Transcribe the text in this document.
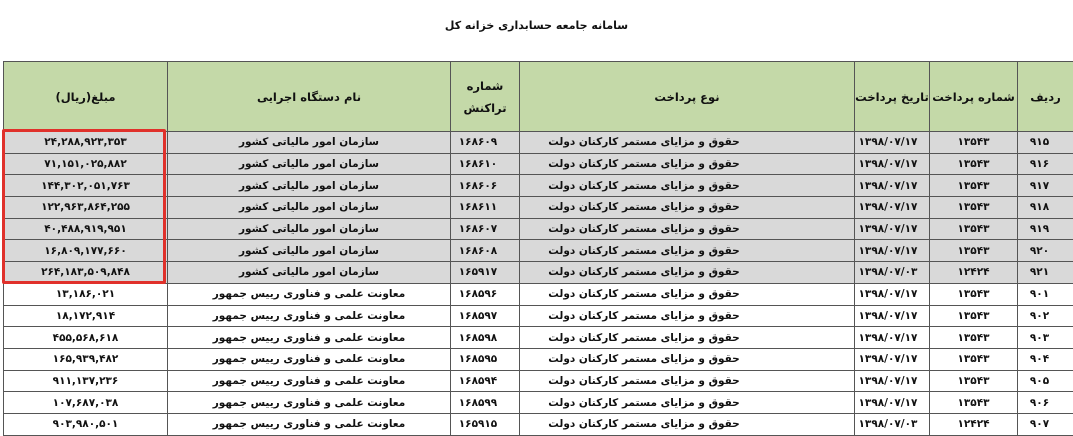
سامانه جامعه حسابداری خزانه کل
مبلغ(ریال)	نام دستگاه اجرایی	شماره تراکنش	نوع پرداخت	تاریخ پرداخت	شماره پرداخت	ردیف
۲۴,۲۸۸,۹۲۳,۳۵۳	سازمان امور مالیاتی کشور	۱۶۸۶۰۹	حقوق و مزایای مستمر کارکنان دولت	۱۳۹۸/۰۷/۱۷	۱۳۵۴۳	۹۱۵
۷۱,۱۵۱,۰۲۵,۸۸۲	سازمان امور مالیاتی کشور	۱۶۸۶۱۰	حقوق و مزایای مستمر کارکنان دولت	۱۳۹۸/۰۷/۱۷	۱۳۵۴۳	۹۱۶
۱۴۴,۳۰۲,۰۵۱,۷۶۳	سازمان امور مالیاتی کشور	۱۶۸۶۰۶	حقوق و مزایای مستمر کارکنان دولت	۱۳۹۸/۰۷/۱۷	۱۳۵۴۳	۹۱۷
۱۲۲,۹۶۳,۸۶۴,۲۵۵	سازمان امور مالیاتی کشور	۱۶۸۶۱۱	حقوق و مزایای مستمر کارکنان دولت	۱۳۹۸/۰۷/۱۷	۱۳۵۴۳	۹۱۸
۴۰,۴۸۸,۹۱۹,۹۵۱	سازمان امور مالیاتی کشور	۱۶۸۶۰۷	حقوق و مزایای مستمر کارکنان دولت	۱۳۹۸/۰۷/۱۷	۱۳۵۴۳	۹۱۹
۱۶,۸۰۹,۱۷۷,۶۶۰	سازمان امور مالیاتی کشور	۱۶۸۶۰۸	حقوق و مزایای مستمر کارکنان دولت	۱۳۹۸/۰۷/۱۷	۱۳۵۴۳	۹۲۰
۲۶۴,۱۸۳,۵۰۹,۸۴۸	سازمان امور مالیاتی کشور	۱۶۵۹۱۷	حقوق و مزایای مستمر کارکنان دولت	۱۳۹۸/۰۷/۰۳	۱۲۴۲۴	۹۲۱
۱۳,۱۸۶,۰۲۱	معاونت علمی و فناوری رییس جمهور	۱۶۸۵۹۶	حقوق و مزایای مستمر کارکنان دولت	۱۳۹۸/۰۷/۱۷	۱۳۵۴۳	۹۰۱
۱۸,۱۷۲,۹۱۴	معاونت علمی و فناوری رییس جمهور	۱۶۸۵۹۷	حقوق و مزایای مستمر کارکنان دولت	۱۳۹۸/۰۷/۱۷	۱۳۵۴۳	۹۰۲
۴۵۵,۵۶۸,۶۱۸	معاونت علمی و فناوری رییس جمهور	۱۶۸۵۹۸	حقوق و مزایای مستمر کارکنان دولت	۱۳۹۸/۰۷/۱۷	۱۳۵۴۳	۹۰۳
۱۶۵,۹۳۹,۴۸۲	معاونت علمی و فناوری رییس جمهور	۱۶۸۵۹۵	حقوق و مزایای مستمر کارکنان دولت	۱۳۹۸/۰۷/۱۷	۱۳۵۴۳	۹۰۴
۹۱۱,۱۳۷,۲۳۶	معاونت علمی و فناوری رییس جمهور	۱۶۸۵۹۴	حقوق و مزایای مستمر کارکنان دولت	۱۳۹۸/۰۷/۱۷	۱۳۵۴۳	۹۰۵
۱۰۷,۶۸۷,۰۳۸	معاونت علمی و فناوری رییس جمهور	۱۶۸۵۹۹	حقوق و مزایای مستمر کارکنان دولت	۱۳۹۸/۰۷/۱۷	۱۳۵۴۳	۹۰۶
۹۰۳,۹۸۰,۵۰۱	معاونت علمی و فناوری رییس جمهور	۱۶۵۹۱۵	حقوق و مزایای مستمر کارکنان دولت	۱۳۹۸/۰۷/۰۳	۱۲۴۲۴	۹۰۷
